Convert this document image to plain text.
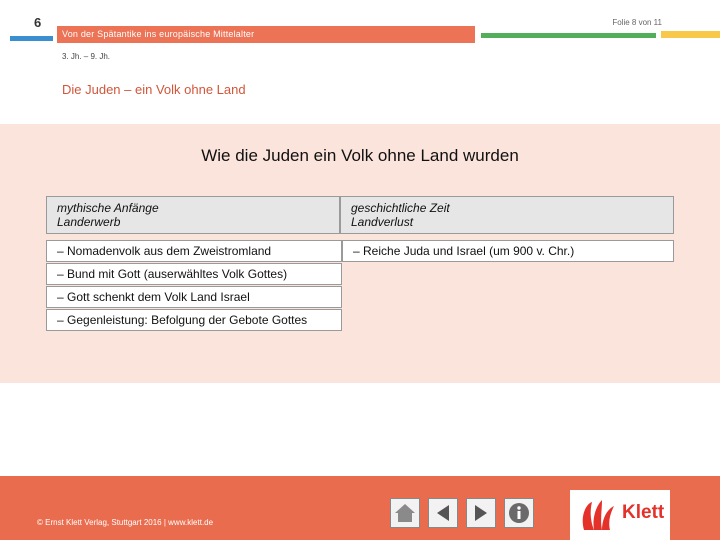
6
Von der Spätantike ins europäische Mittelalter
Folie 8 von 11
3. Jh. – 9. Jh.
Die Juden – ein Volk ohne Land
Wie die Juden ein Volk ohne Land wurden
mythische Anfänge
Landerwerb
geschichtliche Zeit
Landverlust
– Nomadenvolk aus dem Zweistromland
– Bund mit Gott (auserwähltes Volk Gottes)
– Gott schenkt dem Volk Land Israel
– Gegenleistung: Befolgung der Gebote Gottes
– Reiche Juda und Israel (um 900 v. Chr.)
© Ernst Klett Verlag, Stuttgart 2016 | www.klett.de	Klett
